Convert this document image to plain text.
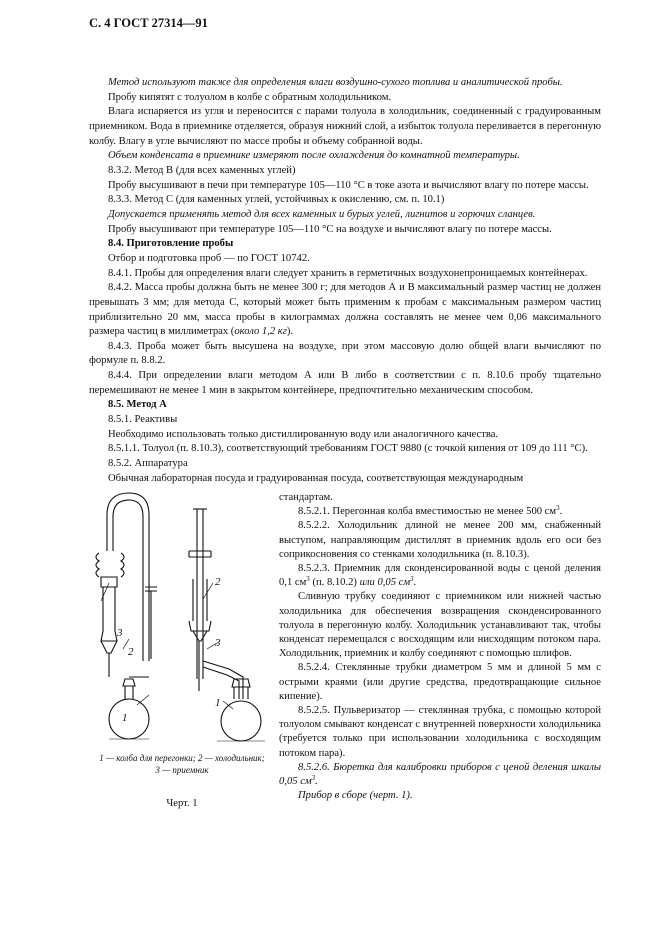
С. 4 ГОСТ 27314—91

Метод используют также для определения влаги воздушно-сухого топлива и аналитической пробы.

Пробу кипятят с толуолом в колбе с обратным холодильником.

Влага испаряется из угля и переносится с парами толуола в холодильник, соединенный с градуированным приемником. Вода в приемнике отделяется, образуя нижний слой, а избыток толуола переливается в перегонную колбу. Влагу в угле вычисляют по массе пробы и объему собранной воды.

Объем конденсата в приемнике измеряют после охлаждения до комнатной температуры.

8.3.2. Метод В (для всех каменных углей)

Пробу высушивают в печи при температуре 105—110 °С в токе азота и вычисляют влагу по потере массы.

8.3.3. Метод С (для каменных углей, устойчивых к окислению, см. п. 10.1)

Допускается применять метод для всех каменных и бурых углей, лигнитов и горючих сланцев.

Пробу высушивают при температуре 105—110 °С на воздухе и вычисляют влагу по потере массы.

8.4. Приготовление пробы

Отбор и подготовка проб — по ГОСТ 10742.

8.4.1. Пробы для определения влаги следует хранить в герметичных воздухонепроницаемых контейнерах.

8.4.2. Масса пробы должна быть не менее 300 г; для методов А и В максимальный размер частиц не должен превышать 3 мм; для метода С, который может быть применим к пробам с максимальным размером частиц приблизительно 20 мм, масса пробы в килограммах должна составлять не менее чем 0,06 максимального размера частиц в миллиметрах (около 1,2 кг).

8.4.3. Проба может быть высушена на воздухе, при этом массовую долю общей влаги вычисляют по формуле п. 8.8.2.

8.4.4. При определении влаги методом А или В либо в соответствии с п. 8.10.6 пробу тщательно перемешивают не менее 1 мин в закрытом контейнере, предпочтительно механическим способом.

8.5. Метод А

8.5.1. Реактивы

Необходимо использовать только дистиллированную воду или аналогичного качества.

8.5.1.1. Толуол (п. 8.10.3), соответствующий требованиям ГОСТ 9880 (с точкой кипения от 109 до 111 °С).

8.5.2. Аппаратура

Обычная лабораторная посуда и градуированная посуда, соответствующая международным

1
2
3
1
2
3
1 — колба для перегонки; 2 — холодильник;
3 — приемник
Черт. 1

стандартам.

8.5.2.1. Перегонная колба вместимостью не менее 500 $см^3$.

8.5.2.2. Холодильник длиной не менее 200 мм, снабженный выступом, направляющим дистиллят в приемник вдоль его оси без соприкосновения со стенками холодильника (п. 8.10.3).

8.5.2.3. Приемник для сконденсированной воды с ценой деления 0,1 $см^3$ (п. 8.10.2) или 0,05 $см^3$.

Сливную трубку соединяют с приемником или нижней частью холодильника для обеспечения возвращения сконденсированного толуола в перегонную колбу. Холодильник устанавливают так, чтобы конденсат перемещался с восходящим или нисходящим потоком пара. Холодильник, приемник и колбу соединяют с помощью шлифов.

8.5.2.4. Стеклянные трубки диаметром 5 мм и длиной 5 мм с острыми краями (или другие средства, предотвращающие сильное кипение).

8.5.2.5. Пульверизатор — стеклянная трубка, с помощью которой толуолом смывают конденсат с внутренней поверхности холодильника (требуется только при использовании холодильника с восходящим потоком пара).

8.5.2.6. Бюретка для калибровки приборов с ценой деления шкалы 0,05 $см^3$.

Прибор в сборе (черт. 1).
